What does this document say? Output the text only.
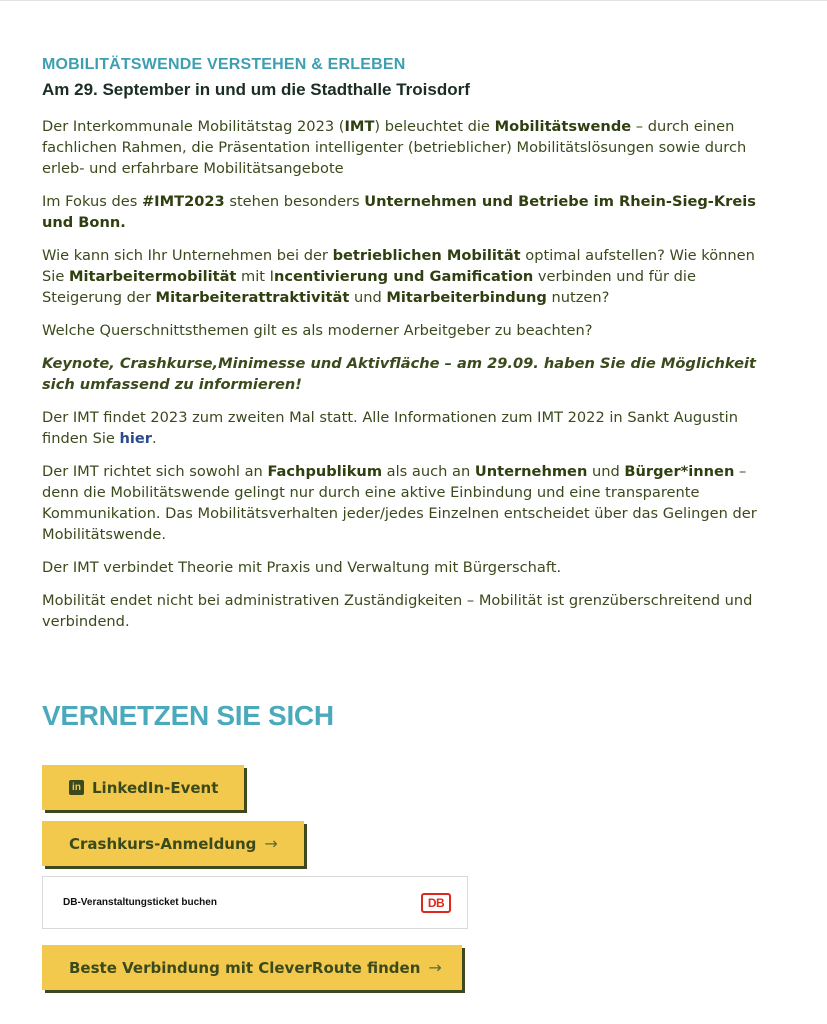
MOBILITÄTSWENDE VERSTEHEN & ERLEBEN
Am 29. September in und um die Stadthalle Troisdorf

Der Interkommunale Mobilitätstag 2023 (IMT) beleuchtet die Mobilitätswende – durch einen fachlichen Rahmen, die Präsentation intelligenter (betrieblicher) Mobilitätslösungen sowie durch erleb- und erfahrbare Mobilitätsangebote

Im Fokus des #IMT2023 stehen besonders Unternehmen und Betriebe im Rhein-Sieg-Kreis und Bonn.

Wie kann sich Ihr Unternehmen bei der betrieblichen Mobilität optimal aufstellen? Wie können Sie Mitarbeitermobilität mit Incentivierung und Gamification verbinden und für die Steigerung der Mitarbeiterattraktivität und Mitarbeiterbindung nutzen?

Welche Querschnittsthemen gilt es als moderner Arbeitgeber zu beachten?

Keynote, Crashkurse,Minimesse und Aktivfläche – am 29.09. haben Sie die Möglichkeit sich umfassend zu informieren!

Der IMT findet 2023 zum zweiten Mal statt. Alle Informationen zum IMT 2022 in Sankt Augustin finden Sie hier.

Der IMT richtet sich sowohl an Fachpublikum als auch an Unternehmen und Bürger*innen – denn die Mobilitätswende gelingt nur durch eine aktive Einbindung und eine transparente Kommunikation. Das Mobilitätsverhalten jeder/jedes Einzelnen entscheidet über das Gelingen der Mobilitätswende.

Der IMT verbindet Theorie mit Praxis und Verwaltung mit Bürgerschaft.

Mobilität endet nicht bei administrativen Zuständigkeiten – Mobilität ist grenzüberschreitend und verbindend.

VERNETZEN SIE SICH
in LinkedIn-Event
Crashkurs-Anmeldung →
DB-Veranstaltungsticket buchen	DB
Beste Verbindung mit CleverRoute finden →
